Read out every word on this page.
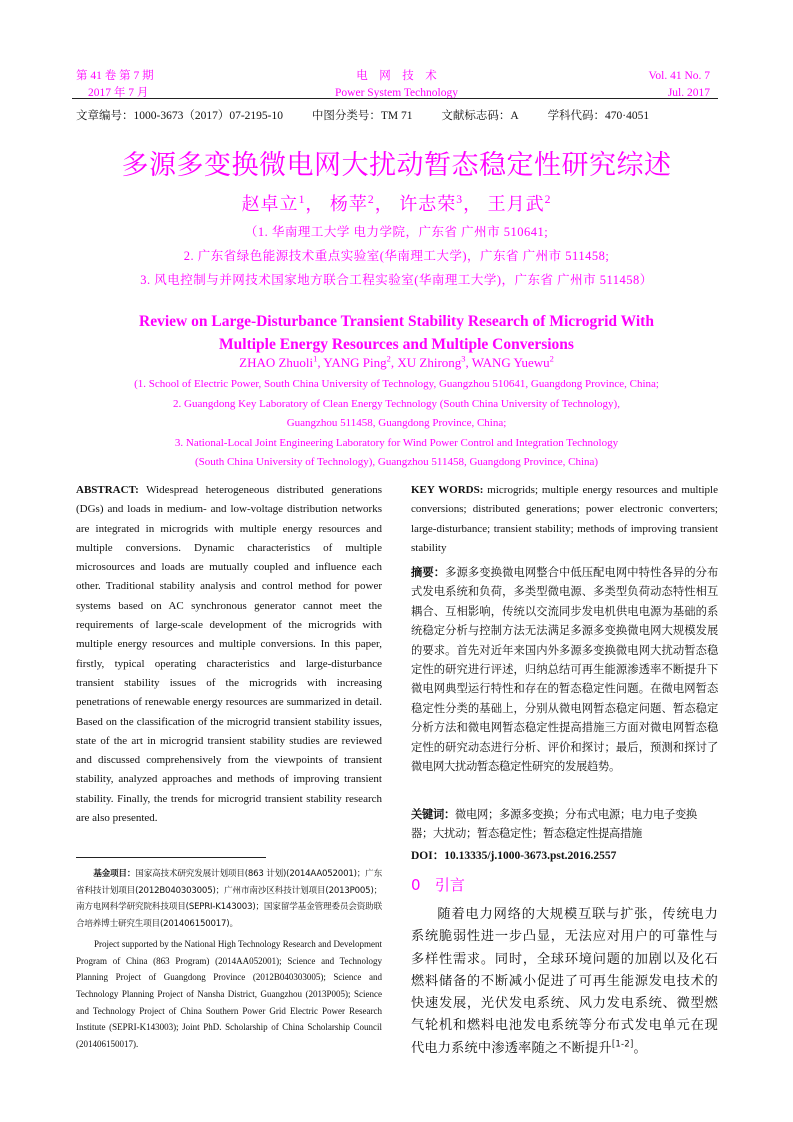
第 41 卷 第 7 期
2017 年 7 月
电　网　技　术
Power System Technology
Vol. 41 No. 7
Jul. 2017
文章编号：1000-3673（2017）07-2195-10	中图分类号：TM 71	文献标志码：A	学科代码：470·4051
多源多变换微电网大扰动暂态稳定性研究综述
赵卓立$^1$， 杨苹$^2$， 许志荣$^3$， 王月武$^2$
（1. 华南理工大学 电力学院，广东省 广州市 510641;
2. 广东省绿色能源技术重点实验室(华南理工大学)，广东省 广州市 511458;
3. 风电控制与并网技术国家地方联合工程实验室(华南理工大学)，广东省 广州市 511458）
Review on Large-Disturbance Transient Stability Research of Microgrid With
Multiple Energy Resources and Multiple Conversions
ZHAO Zhuoli$^1$, YANG Ping$^2$, XU Zhirong$^3$, WANG Yuewu$^2$
(1. School of Electric Power, South China University of Technology, Guangzhou 510641, Guangdong Province, China;
2. Guangdong Key Laboratory of Clean Energy Technology (South China University of Technology),
Guangzhou 511458, Guangdong Province, China;
3. National-Local Joint Engineering Laboratory for Wind Power Control and Integration Technology
(South China University of Technology), Guangzhou 511458, Guangdong Province, China)
ABSTRACT: Widespread heterogeneous distributed generations (DGs) and loads in medium- and low-voltage distribution networks are integrated in microgrids with multiple energy resources and multiple conversions. Dynamic characteristics of multiple microsources and loads are mutually coupled and influence each other. Traditional stability analysis and control method for power systems based on AC synchronous generator cannot meet the requirements of large-scale development of the microgrids with multiple energy resources and multiple conversions. In this paper, firstly, typical operating characteristics and large-disturbance transient stability issues of the microgrids with increasing penetrations of renewable energy resources are summarized in detail. Based on the classification of the microgrid transient stability issues, state of the art in microgrid transient stability studies are reviewed and discussed comprehensively from the viewpoints of transient stability, analyzed approaches and methods of improving transient stability. Finally, the trends for microgrid transient stability research are also presented.
KEY WORDS: microgrids; multiple energy resources and multiple conversions; distributed generations; power electronic converters; large-disturbance; transient stability; methods of improving transient stability
摘要：多源多变换微电网整合中低压配电网中特性各异的分布式发电系统和负荷，多类型微电源、多类型负荷动态特性相互耦合、互相影响，传统以交流同步发电机供电电源为基础的系统稳定分析与控制方法无法满足多源多变换微电网大规模发展的要求。首先对近年来国内外多源多变换微电网大扰动暂态稳定性的研究进行评述，归纳总结可再生能源渗透率不断提升下微电网典型运行特性和存在的暂态稳定性问题。在微电网暂态稳定性分类的基础上，分别从微电网暂态稳定问题、暂态稳定分析方法和微电网暂态稳定性提高措施三方面对微电网暂态稳定性的研究动态进行分析、评价和探讨；最后，预测和探讨了微电网大扰动暂态稳定性研究的发展趋势。
关键词：微电网；多源多变换；分布式电源；电力电子变换器；大扰动；暂态稳定性；暂态稳定性提高措施
DOI：10.13335/j.1000-3673.pst.2016.2557

基金项目：国家高技术研究发展计划项目(863 计划)(2014AA052001)；广东省科技计划项目(2012B040303005)；广州市南沙区科技计划项目(2013P005)；南方电网科学研究院科技项目(SEPRI-K143003)；国家留学基金管理委员会资助联合培养博士研究生项目(201406150017)。

Project supported by the National High Technology Research and Development Program of China (863 Program) (2014AA052001); Science and Technology Planning Project of Guangdong Province (2012B040303005); Science and Technology Planning Project of Nansha District, Guangzhou (2013P005); Science and Technology Project of China Southern Power Grid Electric Power Research Institute (SEPRI-K143003); Joint PhD. Scholarship of China Scholarship Council (201406150017).

0 引言
随着电力网络的大规模互联与扩张，传统电力系统脆弱性进一步凸显，无法应对用户的可靠性与多样性需求。同时，全球环境问题的加剧以及化石燃料储备的不断减小促进了可再生能源发电技术的快速发展，光伏发电系统、风力发电系统、微型燃气轮机和燃料电池发电系统等分布式发电单元在现代电力系统中渗透率随之不断提升[1-2]。
